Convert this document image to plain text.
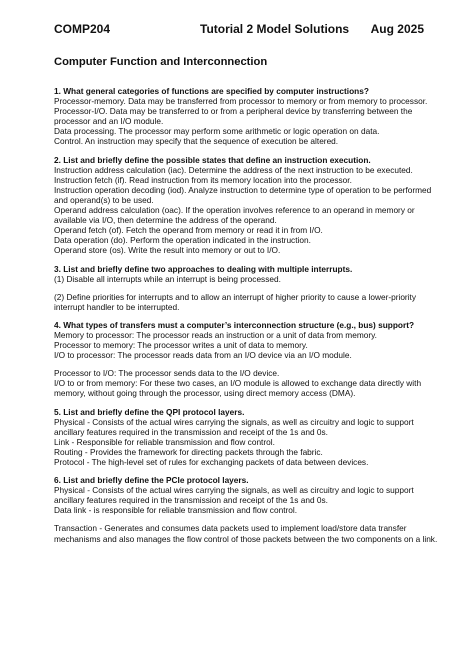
COMP204	Tutorial 2 Model Solutions Aug 2025
Computer Function and Interconnection

1. What general categories of functions are specified by computer instructions?

Processor-memory. Data may be transferred from processor to memory or from memory to processor.

Processor-I/O. Data may be transferred to or from a peripheral device by transferring between the processor and an I/O module.

Data processing. The processor may perform some arithmetic or logic operation on data.

Control. An instruction may specify that the sequence of execution be altered.

2. List and briefly define the possible states that define an instruction execution.

Instruction address calculation (iac). Determine the address of the next instruction to be executed.

Instruction fetch (if). Read instruction from its memory location into the processor.

Instruction operation decoding (iod). Analyze instruction to determine type of operation to be performed and operand(s) to be used.

Operand address calculation (oac). If the operation involves reference to an operand in memory or available via I/O, then determine the address of the operand.

Operand fetch (of). Fetch the operand from memory or read it in from I/O.

Data operation (do). Perform the operation indicated in the instruction.

Operand store (os). Write the result into memory or out to I/O.

3. List and briefly define two approaches to dealing with multiple interrupts.

(1) Disable all interrupts while an interrupt is being processed.

(2) Define priorities for interrupts and to allow an interrupt of higher priority to cause a lower-priority interrupt handler to be interrupted.

4. What types of transfers must a computer’s interconnection structure (e.g., bus) support?

Memory to processor: The processor reads an instruction or a unit of data from memory.

Processor to memory: The processor writes a unit of data to memory.

I/O to processor: The processor reads data from an I/O device via an I/O module.

Processor to I/O: The processor sends data to the I/O device.

I/O to or from memory: For these two cases, an I/O module is allowed to exchange data directly with memory, without going through the processor, using direct memory access (DMA).

5. List and briefly define the QPI protocol layers.

Physical - Consists of the actual wires carrying the signals, as well as circuitry and logic to support ancillary features required in the transmission and receipt of the 1s and 0s.

Link - Responsible for reliable transmission and flow control.

Routing - Provides the framework for directing packets through the fabric.

Protocol - The high-level set of rules for exchanging packets of data between devices.

6. List and briefly define the PCIe protocol layers.

Physical - Consists of the actual wires carrying the signals, as well as circuitry and logic to support ancillary features required in the transmission and receipt of the 1s and 0s.

Data link - is responsible for reliable transmission and flow control.

Transaction - Generates and consumes data packets used to implement load/store data transfer mechanisms and also manages the flow control of those packets between the two components on a link.
